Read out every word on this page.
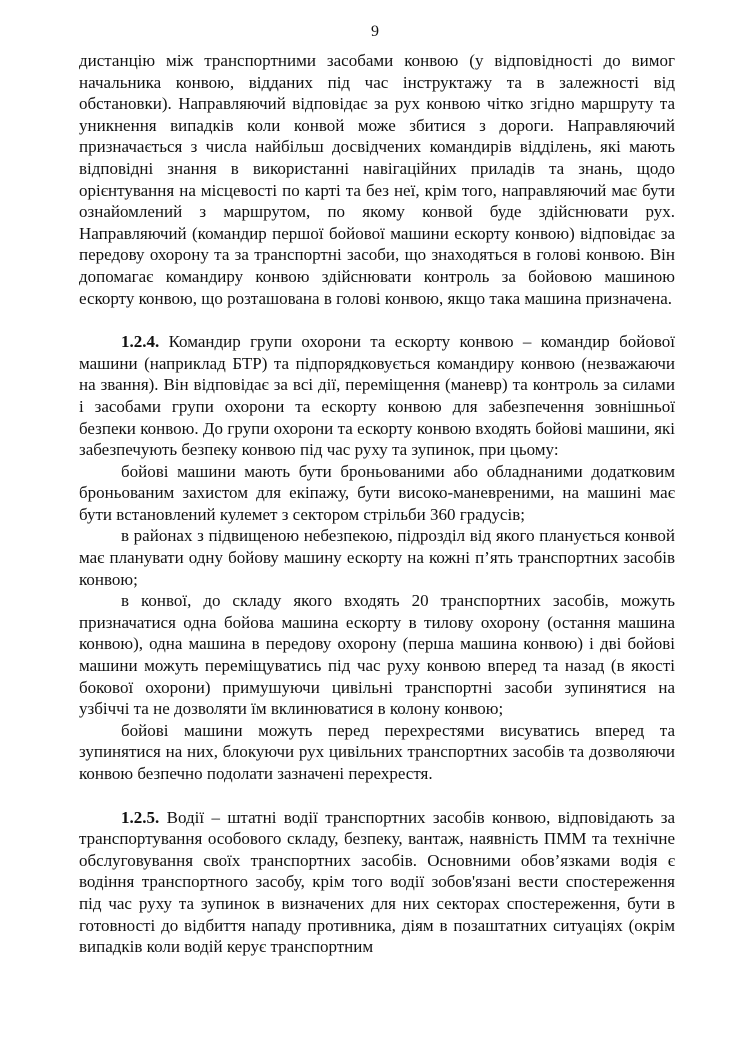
9

дистанцію між транспортними засобами конвою (у відповідності до вимог начальника конвою, відданих під час інструктажу та в залежності від обстановки). Направляючий відповідає за рух конвою чітко згідно маршруту та уникнення випадків коли конвой може збитися з дороги. Направляючий призначається з числа найбільш досвідчених командирів відділень, які мають відповідні знання в використанні навігаційних приладів та знань, щодо орієнтування на місцевості по карті та без неї, крім того, направляючий має бути ознайомлений з маршрутом, по якому конвой буде здійснювати рух. Направляючий (командир першої бойової машини ескорту конвою) відповідає за передову охорону та за транспортні засоби, що знаходяться в голові конвою. Він допомагає командиру конвою здійснювати контроль за бойовою машиною ескорту конвою, що розташована в голові конвою, якщо така машина призначена.

1.2.4. Командир групи охорони та ескорту конвою – командир бойової машини (наприклад БТР) та підпорядковується командиру конвою (незважаючи на звання). Він відповідає за всі дії, переміщення (маневр) та контроль за силами і засобами групи охорони та ескорту конвою для забезпечення зовнішньої безпеки конвою. До групи охорони та ескорту конвою входять бойові машини, які забезпечують безпеку конвою під час руху та зупинок, при цьому:

бойові машини мають бути броньованими або обладнаними додатковим броньованим захистом для екіпажу, бути високо-маневреними, на машині має бути встановлений кулемет з сектором стрільби 360 градусів;

в районах з підвищеною небезпекою, підрозділ від якого планується конвой має планувати одну бойову машину ескорту на кожні п’ять транспортних засобів конвою;

в конвої, до складу якого входять 20 транспортних засобів, можуть призначатися одна бойова машина ескорту в тилову охорону (остання машина конвою), одна машина в передову охорону (перша машина конвою) і дві бойові машини можуть переміщуватись під час руху конвою вперед та назад (в якості бокової охорони) примушуючи цивільні транспортні засоби зупинятися на узбіччі та не дозволяти їм вклинюватися в колону конвою;

бойові машини можуть перед перехрестями висуватись вперед та зупинятися на них, блокуючи рух цивільних транспортних засобів та дозволяючи конвою безпечно подолати зазначені перехрестя.

1.2.5. Водії – штатні водії транспортних засобів конвою, відповідають за транспортування особового складу, безпеку, вантаж, наявність ПММ та технічне обслуговування своїх транспортних засобів. Основними обов’язками водія є водіння транспортного засобу, крім того водії зобов'язані вести спостереження під час руху та зупинок в визначених для них секторах спостереження, бути в готовності до відбиття нападу противника, діям в позаштатних ситуаціях (окрім випадків коли водій керує транспортним
